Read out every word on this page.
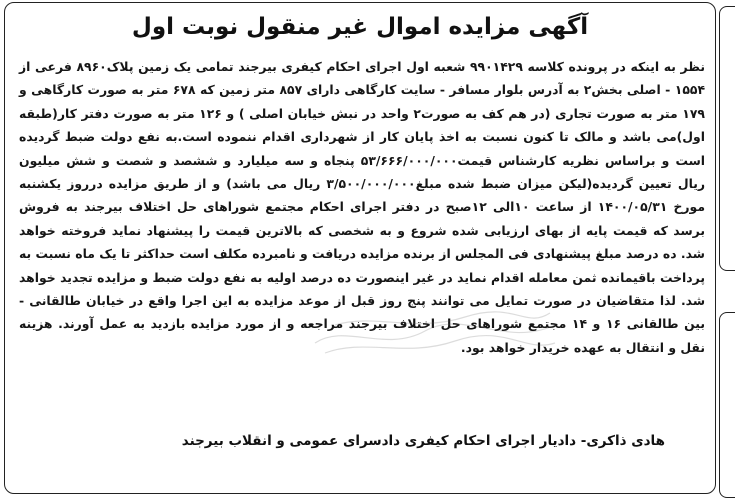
آگهی مزایده اموال غیر منقول نوبت اول
نظر به اینکه در پرونده کلاسه ۹۹۰۱۴۲۹ شعبه اول اجرای احکام کیفری بیرجند تمامی یک زمین پلاک۸۹۶۰ فرعی از ۱۵۵۴ - اصلی بخش۲ به آدرس بلوار مسافر - سایت کارگاهی دارای ۸۵۷ متر زمین که ۶۷۸ متر به صورت کارگاهی و ۱۷۹ متر به صورت تجاری (در هم کف به صورت۲ واحد در نبش خیابان اصلی ) و ۱۲۶ متر به صورت دفتر کار(طبقه اول)می باشد و مالک تا کنون نسبت به اخذ پایان کار از شهرداری اقدام ننموده است.به نفع دولت ضبط گردیده است و براساس نظریه کارشناس قیمت۵۳/۶۶۶/۰۰۰/۰۰۰ پنجاه و سه میلیارد و ششصد و شصت و شش میلیون ریال تعیین گردیده(لیکن میزان ضبط شده مبلغ۳/۵۰۰/۰۰۰/۰۰۰ ریال می باشد) و از طریق مزایده درروز یکشنبه مورخ ۱۴۰۰/۰۵/۳۱ از ساعت ۱۰الی ۱۲صبح در دفتر اجرای احکام مجتمع شوراهای حل اختلاف بیرجند به فروش برسد که قیمت پایه از بهای ارزیابی شده شروع و به شخصی که بالاترین قیمت را پیشنهاد نماید فروخته خواهد شد. ده درصد مبلغ پیشنهادی فی المجلس از برنده مزایده دریافت و نامبرده مکلف است حداکثر تا یک ماه نسبت به پرداخت باقیمانده ثمن معامله اقدام نماید در غیر اینصورت ده درصد اولیه به نفع دولت ضبط و مزایده تجدید خواهد شد. لذا متقاضیان در صورت تمایل می توانند پنج روز قبل از موعد مزایده به این اجرا واقع در خیابان طالقانی - بین طالقانی ۱۶ و ۱۴ مجتمع شوراهای حل اختلاف بیرجند مراجعه و از مورد مزایده بازدید به عمل آورند. هزینه نقل و انتقال به عهده خریدار خواهد بود.
هادی ذاکری- دادیار اجرای احکام کیفری دادسرای عمومی و انقلاب بیرجند
